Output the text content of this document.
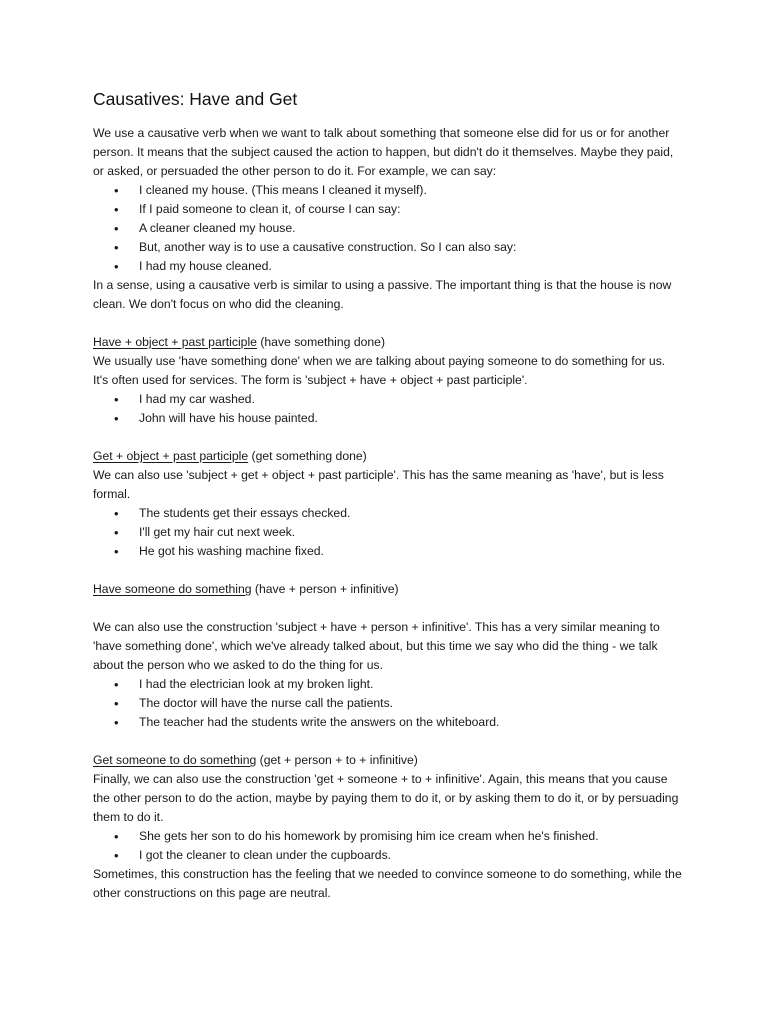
Causatives: Have and Get

We use a causative verb when we want to talk about something that someone else did for us or for another person. It means that the subject caused the action to happen, but didn't do it themselves. Maybe they paid, or asked, or persuaded the other person to do it. For example, we can say:

• I cleaned my house. (This means I cleaned it myself).
• If I paid someone to clean it, of course I can say:
• A cleaner cleaned my house.
• But, another way is to use a causative construction. So I can also say:
• I had my house cleaned.

In a sense, using a causative verb is similar to using a passive. The important thing is that the house is now clean. We don't focus on who did the cleaning.

Have + object + past participle (have something done)

We usually use 'have something done' when we are talking about paying someone to do something for us. It's often used for services. The form is 'subject + have + object + past participle'.

• I had my car washed.
• John will have his house painted.

Get + object + past participle (get something done)

We can also use 'subject + get + object + past participle'. This has the same meaning as 'have', but is less formal.

• The students get their essays checked.
• I'll get my hair cut next week.
• He got his washing machine fixed.

Have someone do something (have + person + infinitive)

We can also use the construction 'subject + have + person + infinitive'. This has a very similar meaning to 'have something done', which we've already talked about, but this time we say who did the thing - we talk about the person who we asked to do the thing for us.

• I had the electrician look at my broken light.
• The doctor will have the nurse call the patients.
• The teacher had the students write the answers on the whiteboard.

Get someone to do something (get + person + to + infinitive)

Finally, we can also use the construction 'get + someone + to + infinitive'. Again, this means that you cause the other person to do the action, maybe by paying them to do it, or by asking them to do it, or by persuading them to do it.

• She gets her son to do his homework by promising him ice cream when he's finished.
• I got the cleaner to clean under the cupboards.

Sometimes, this construction has the feeling that we needed to convince someone to do something, while the other constructions on this page are neutral.
